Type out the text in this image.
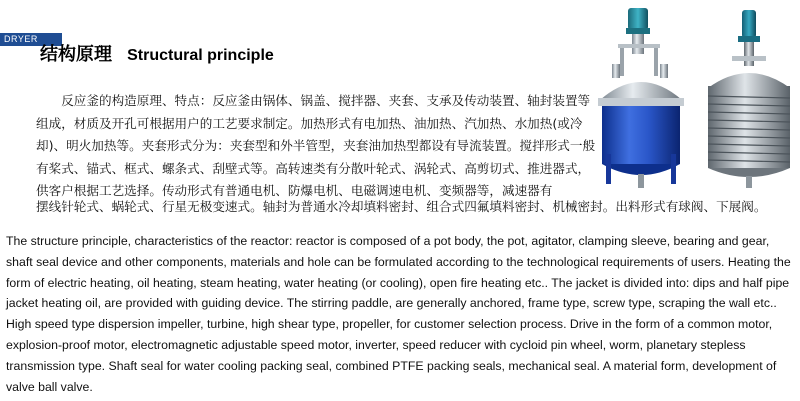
DRYER
结构原理 Structural principle
反应釜的构造原理、特点：反应釜由锅体、锅盖、搅拌器、夹套、支承及传动装置、轴封装置等组成，材质及开孔可根据用户的工艺要求制定。加热形式有电加热、油加热、汽加热、水加热(或冷却)、明火加热等。夹套形式分为：夹套型和外半管型，夹套油加热型都设有导流装置。搅拌形式一般有桨式、锚式、框式、螺条式、刮壁式等。高转速类有分散叶轮式、涡轮式、高剪切式、推进器式，供客户根据工艺选择。传动形式有普通电机、防爆电机、电磁调速电机、变频器等，减速器有
摆线针轮式、蜗轮式、行星无极变速式。轴封为普通水冷却填料密封、组合式四氟填料密封、机械密封。出料形式有球阀、下展阀。
The structure principle, characteristics of the reactor: reactor is composed of a pot body, the pot, agitator, clamping sleeve, bearing and gear, shaft seal device and other components, materials and hole can be formulated according to the technological requirements of users. Heating the form of electric heating, oil heating, steam heating, water heating (or cooling), open fire heating etc.. The jacket is divided into: dips and half pipe jacket heating oil, are provided with guiding device. The stirring paddle, are generally anchored, frame type, screw type, scraping the wall etc.. High speed type dispersion impeller, turbine, high shear type, propeller, for customer selection process. Drive in the form of a common motor, explosion-proof motor, electromagnetic adjustable speed motor, inverter, speed reducer with cycloid pin wheel, worm, planetary stepless transmission type. Shaft seal for water cooling packing seal, combined PTFE packing seals, mechanical seal. A material form, development of valve ball valve.
